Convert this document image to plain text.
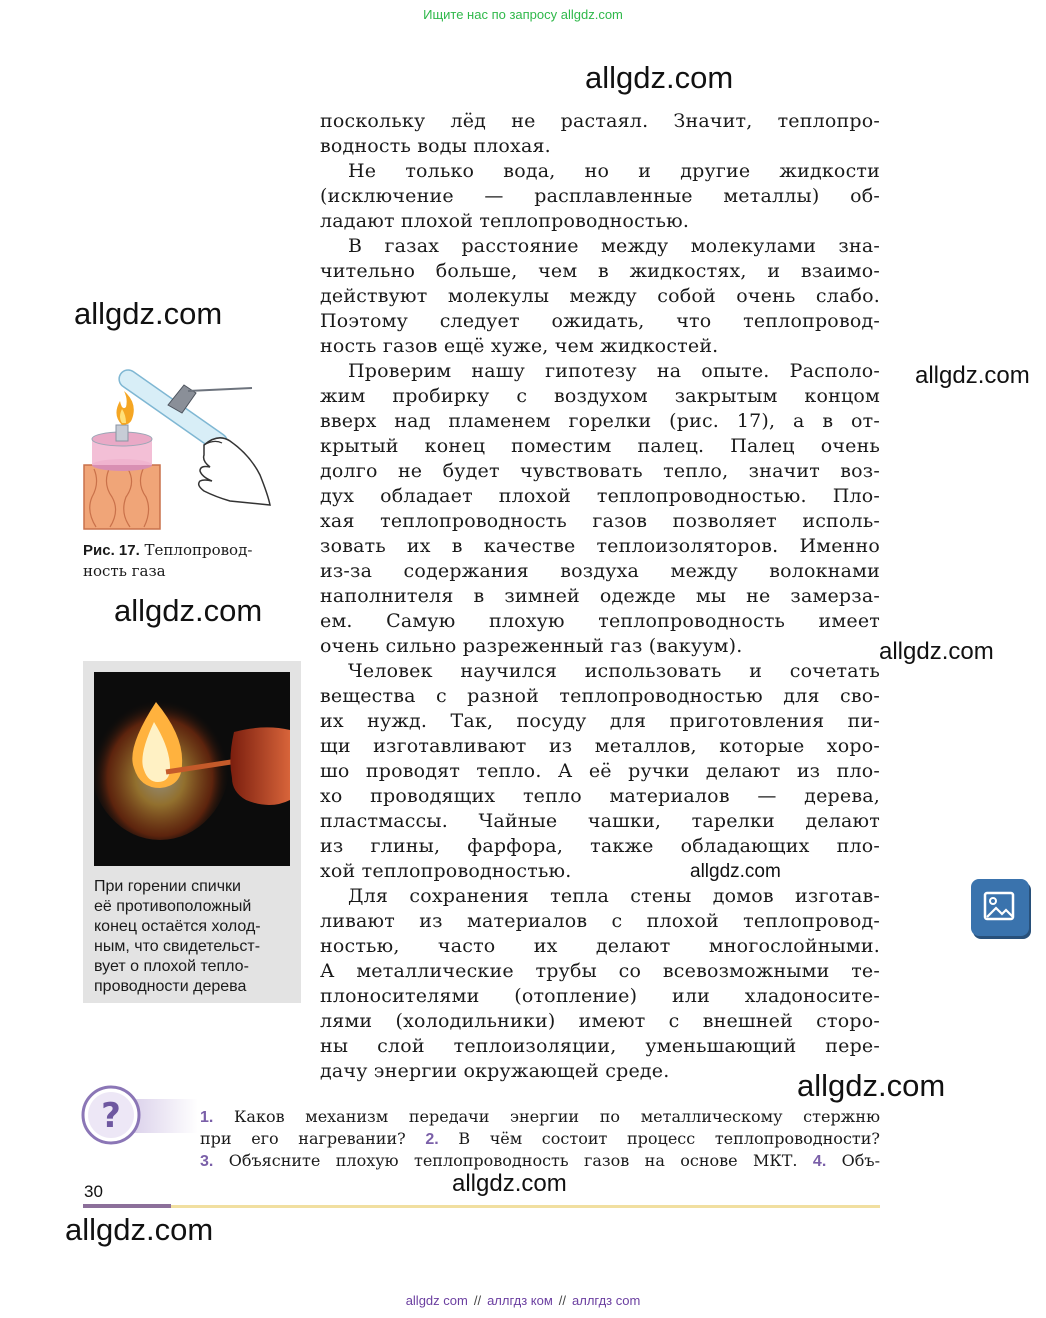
Ищите нас по запросу allgdz.com
allgdz.com
allgdz.com
allgdz.com
allgdz.com
allgdz.com
allgdz.com
allgdz.com
allgdz.com
allgdz.com
поскольку лёд не растаял. Значит, теплопро-
водность воды плохая.
Не только вода, но и другие жидкости
(исключение — расплавленные металлы) об-
ладают плохой теплопроводностью.
В газах расстояние между молекулами зна-
чительно больше, чем в жидкостях, и взаимо-
действуют молекулы между собой очень слабо.
Поэтому следует ожидать, что теплопровод-
ность газов ещё хуже, чем жидкостей.
Проверим нашу гипотезу на опыте. Располо-
жим пробирку с воздухом закрытым концом
вверх над пламенем горелки (рис. 17), а в от-
крытый конец поместим палец. Палец очень
долго не будет чувствовать тепло, значит воз-
дух обладает плохой теплопроводностью. Пло-
хая теплопроводность газов позволяет исполь-
зовать их в качестве теплоизоляторов. Именно
из-за содержания воздуха между волокнами
наполнителя в зимней одежде мы не замерза-
ем. Самую плохую теплопроводность имеет
очень сильно разреженный газ (вакуум).
Человек научился использовать и сочетать
вещества с разной теплопроводностью для сво-
их нужд. Так, посуду для приготовления пи-
щи изготавливают из металлов, которые хоро-
шо проводят тепло. А её ручки делают из пло-
хо проводящих тепло материалов — дерева,
пластмассы. Чайные чашки, тарелки делают
из глины, фарфора, также обладающих пло-
хой теплопроводностью.
Для сохранения тепла стены домов изготав-
ливают из материалов с плохой теплопровод-
ностью, часто их делают многослойными.
А металлические трубы со всевозможными те-
плоносителями (отопление) или хладоносите-
лями (холодильники) имеют с внешней сторо-
ны слой теплоизоляции, уменьшающий пере-
дачу энергии окружающей среде.
Рис. 17. Теплопровод-
ность газа
При горении спички
её противоположный
конец остаётся холод-
ным, что свидетельст-
вует о плохой тепло-
проводности дерева
?	1. Каков механизм передачи энергии по металлическому стержню
при его нагревании? 2. В чём состоит процесс теплопроводности?
3. Объясните плохую теплопроводность газов на основе МКТ. 4. Объ-
30
allgdz com // аллгдз ком // аллгдз com
